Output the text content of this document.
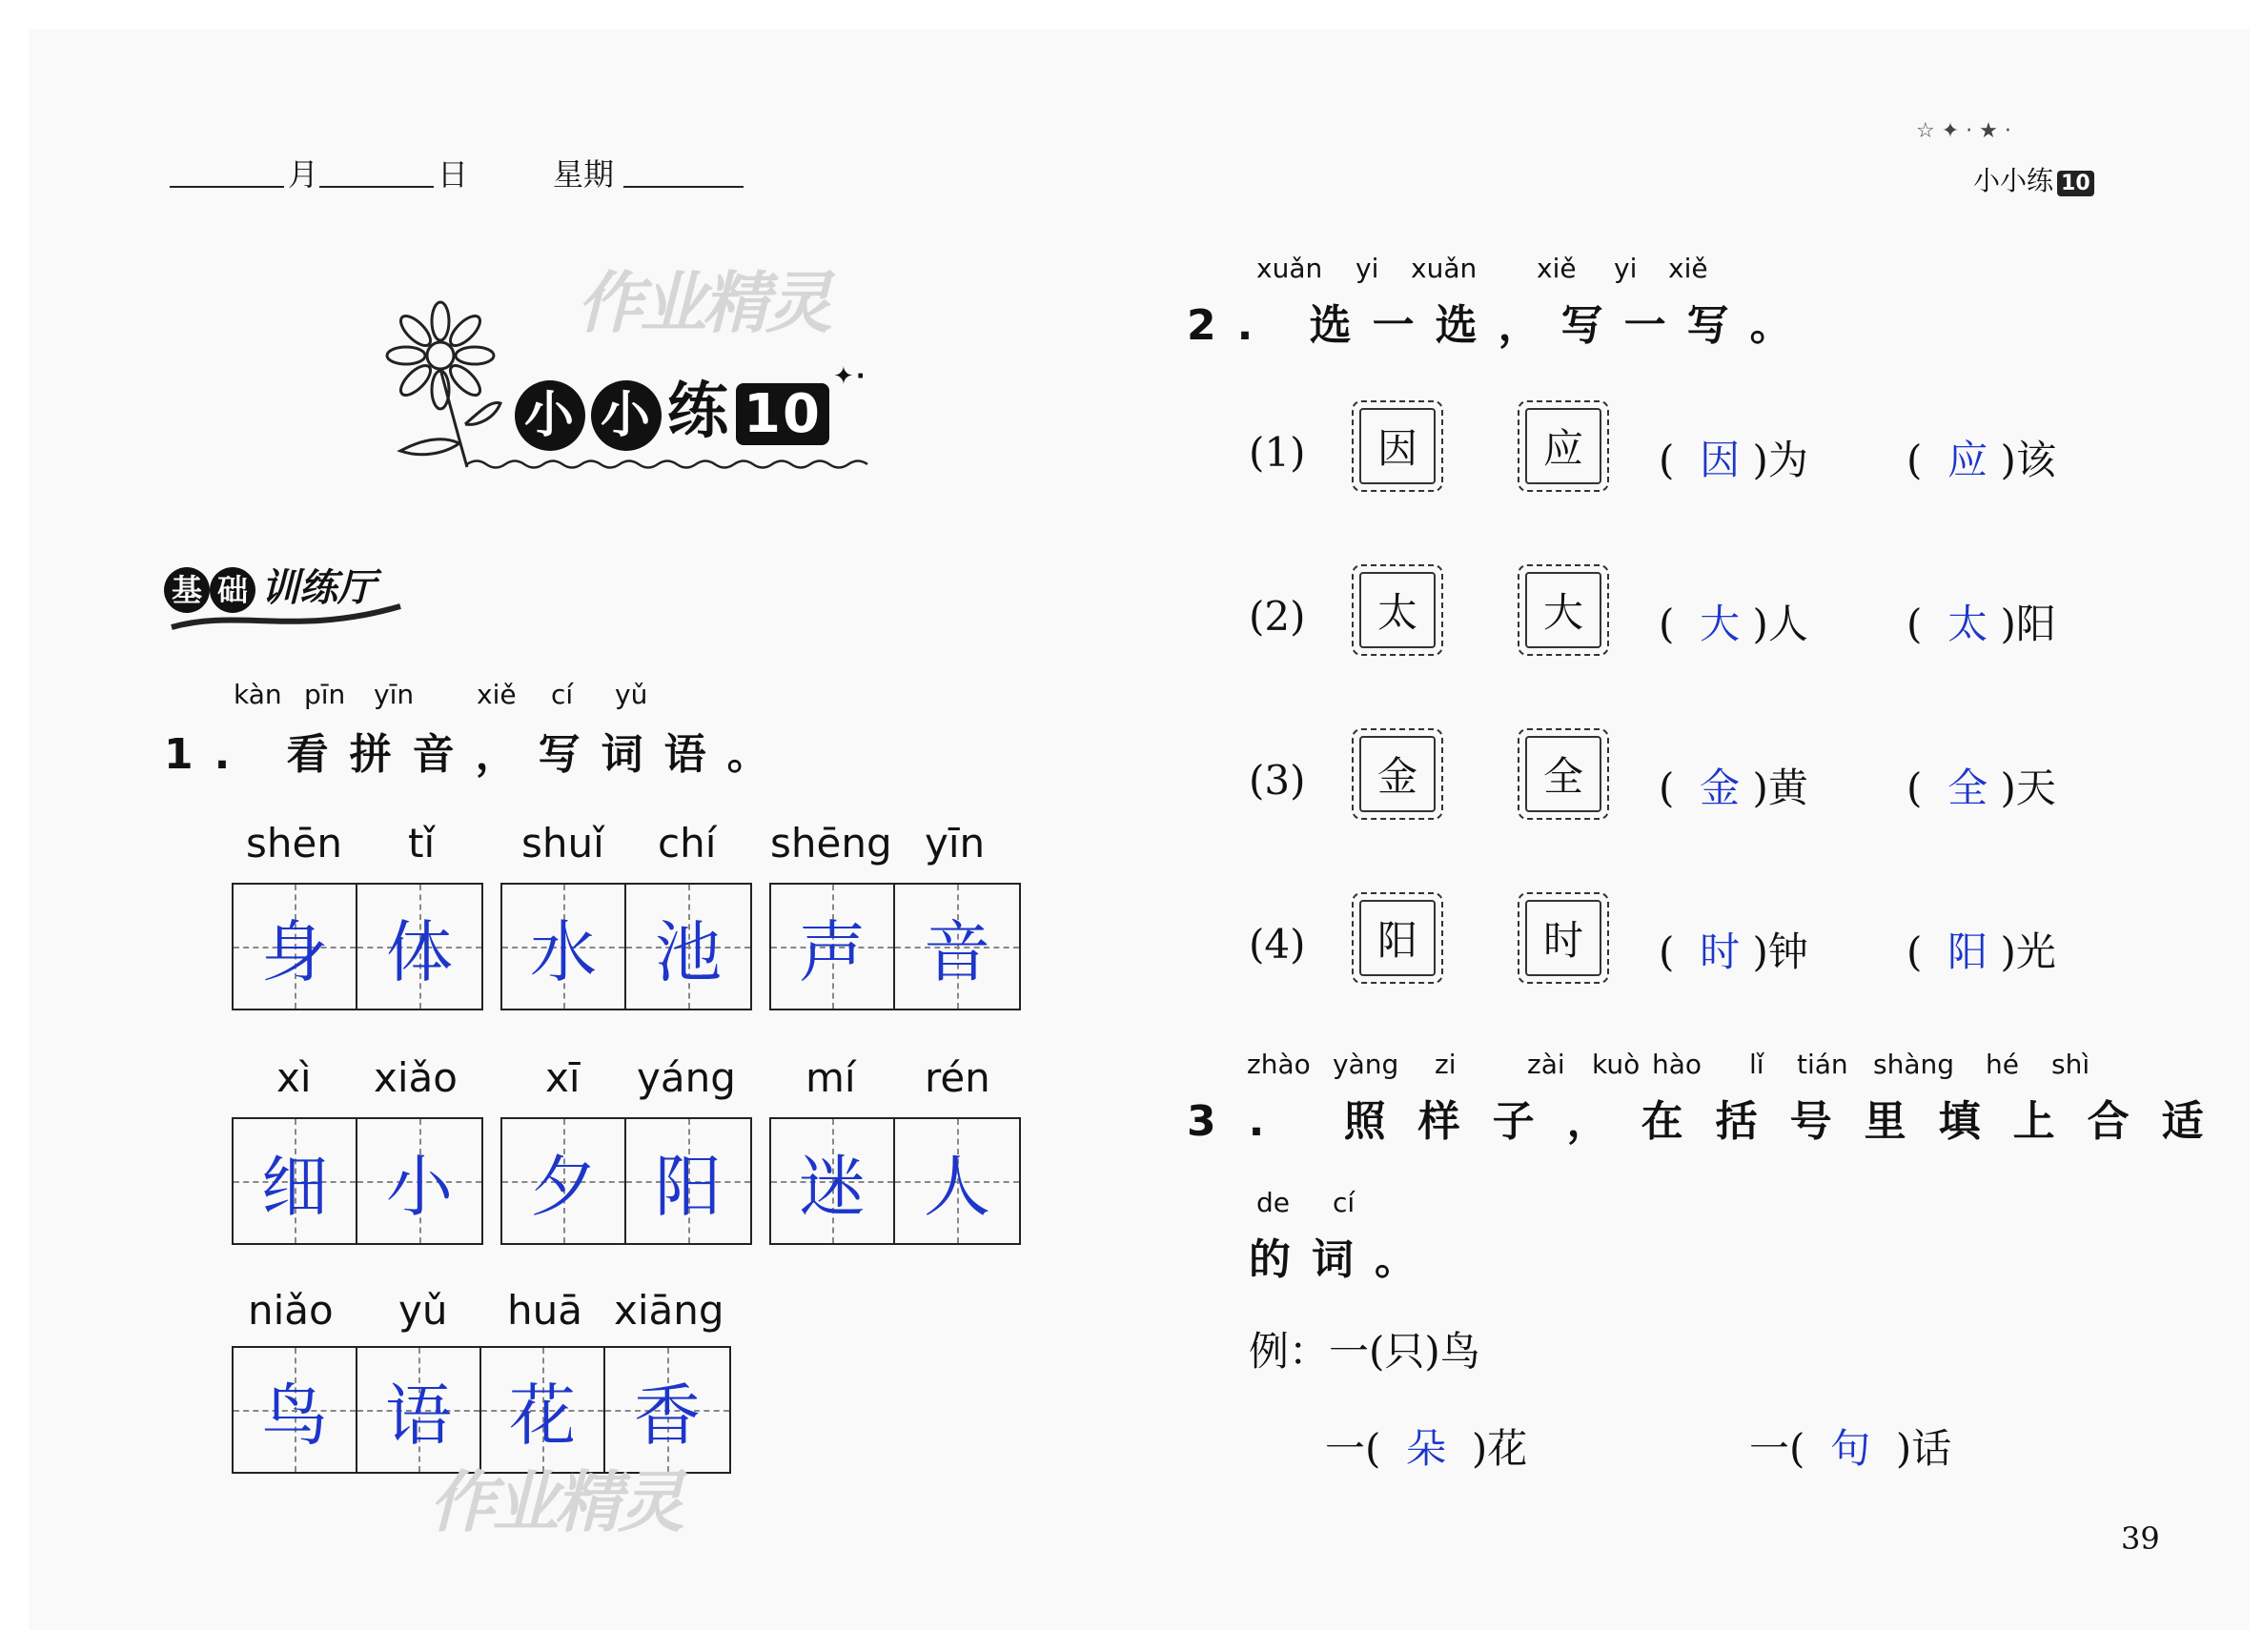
月	日	星期
☆ ✦ · ★ ·
小小练 10
作业精灵
小 小 练 10✦·
基 础 训练厅
kàn pīn yīn xiě cí yǔ
1. 看拼音，写词语。
shēn tǐ shuǐ chí shēng yīn
身 体 水 池 声 音
xì xiǎo xī yáng mí rén
细 小 夕 阳 迷 人
niǎo yǔ huā xiāng
鸟 语 花 香
作业精灵
xuǎn yi xuǎn xiě yi xiě
2. 选一选，写一写。
(1) 因	应 ( 因 )为 ( 应 )该
(2) 太	大 ( 大 )人 ( 太 )阳
(3) 金	全 ( 金 )黄 ( 全 )天
(4) 阳	时 ( 时 )钟 ( 阳 )光
zhào yàng zi	zài kuò hào lǐ tián shàng hé shì
3. 照样子，在括号里填上合适
de cí
的词。
例：一(只)鸟
一( 朵 )花	一( 句 )话
39
